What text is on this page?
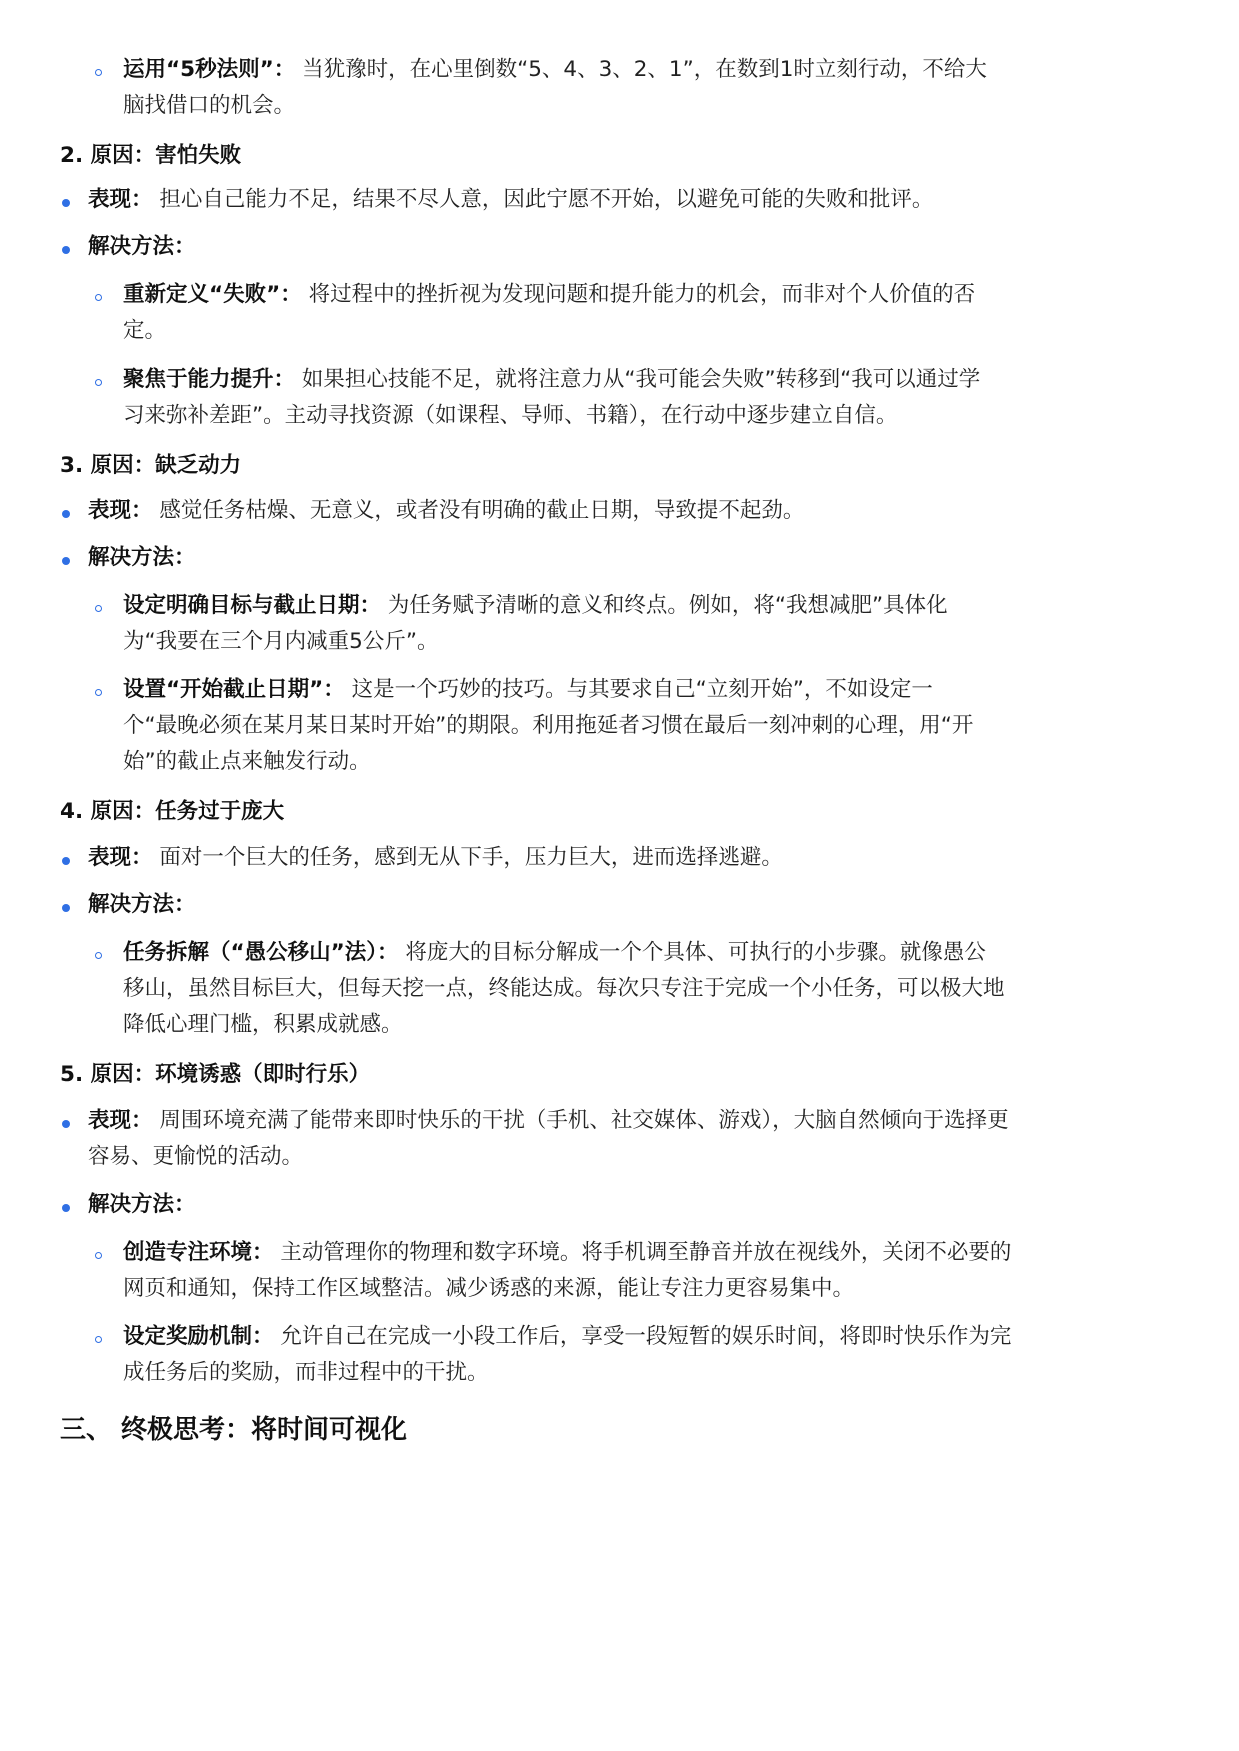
运用“5秒法则”： 当犹豫时，在心里倒数“5、4、3、2、1”，在数到1时立刻行动，不给大
脑找借口的机会。
2. 原因：害怕失败
表现： 担心自己能力不足，结果不尽人意，因此宁愿不开始，以避免可能的失败和批评。
解决方法：
重新定义“失败”： 将过程中的挫折视为发现问题和提升能力的机会，而非对个人价值的否
定。
聚焦于能力提升： 如果担心技能不足，就将注意力从“我可能会失败”转移到“我可以通过学
习来弥补差距”。主动寻找资源（如课程、导师、书籍），在行动中逐步建立自信。
3. 原因：缺乏动力
表现： 感觉任务枯燥、无意义，或者没有明确的截止日期，导致提不起劲。
解决方法：
设定明确目标与截止日期： 为任务赋予清晰的意义和终点。例如，将“我想减肥”具体化
为“我要在三个月内减重5公斤”。
设置“开始截止日期”： 这是一个巧妙的技巧。与其要求自己“立刻开始”，不如设定一
个“最晚必须在某月某日某时开始”的期限。利用拖延者习惯在最后一刻冲刺的心理，用“开
始”的截止点来触发行动。
4. 原因：任务过于庞大
表现： 面对一个巨大的任务，感到无从下手，压力巨大，进而选择逃避。
解决方法：
任务拆解（“愚公移山”法）： 将庞大的目标分解成一个个具体、可执行的小步骤。就像愚公
移山，虽然目标巨大，但每天挖一点，终能达成。每次只专注于完成一个小任务，可以极大地
降低心理门槛，积累成就感。
5. 原因：环境诱惑（即时行乐）
表现： 周围环境充满了能带来即时快乐的干扰（手机、社交媒体、游戏），大脑自然倾向于选择更
容易、更愉悦的活动。
解决方法：
创造专注环境： 主动管理你的物理和数字环境。将手机调至静音并放在视线外，关闭不必要的
网页和通知，保持工作区域整洁。减少诱惑的来源，能让专注力更容易集中。
设定奖励机制： 允许自己在完成一小段工作后，享受一段短暂的娱乐时间，将即时快乐作为完
成任务后的奖励，而非过程中的干扰。
三、 终极思考：将时间可视化
